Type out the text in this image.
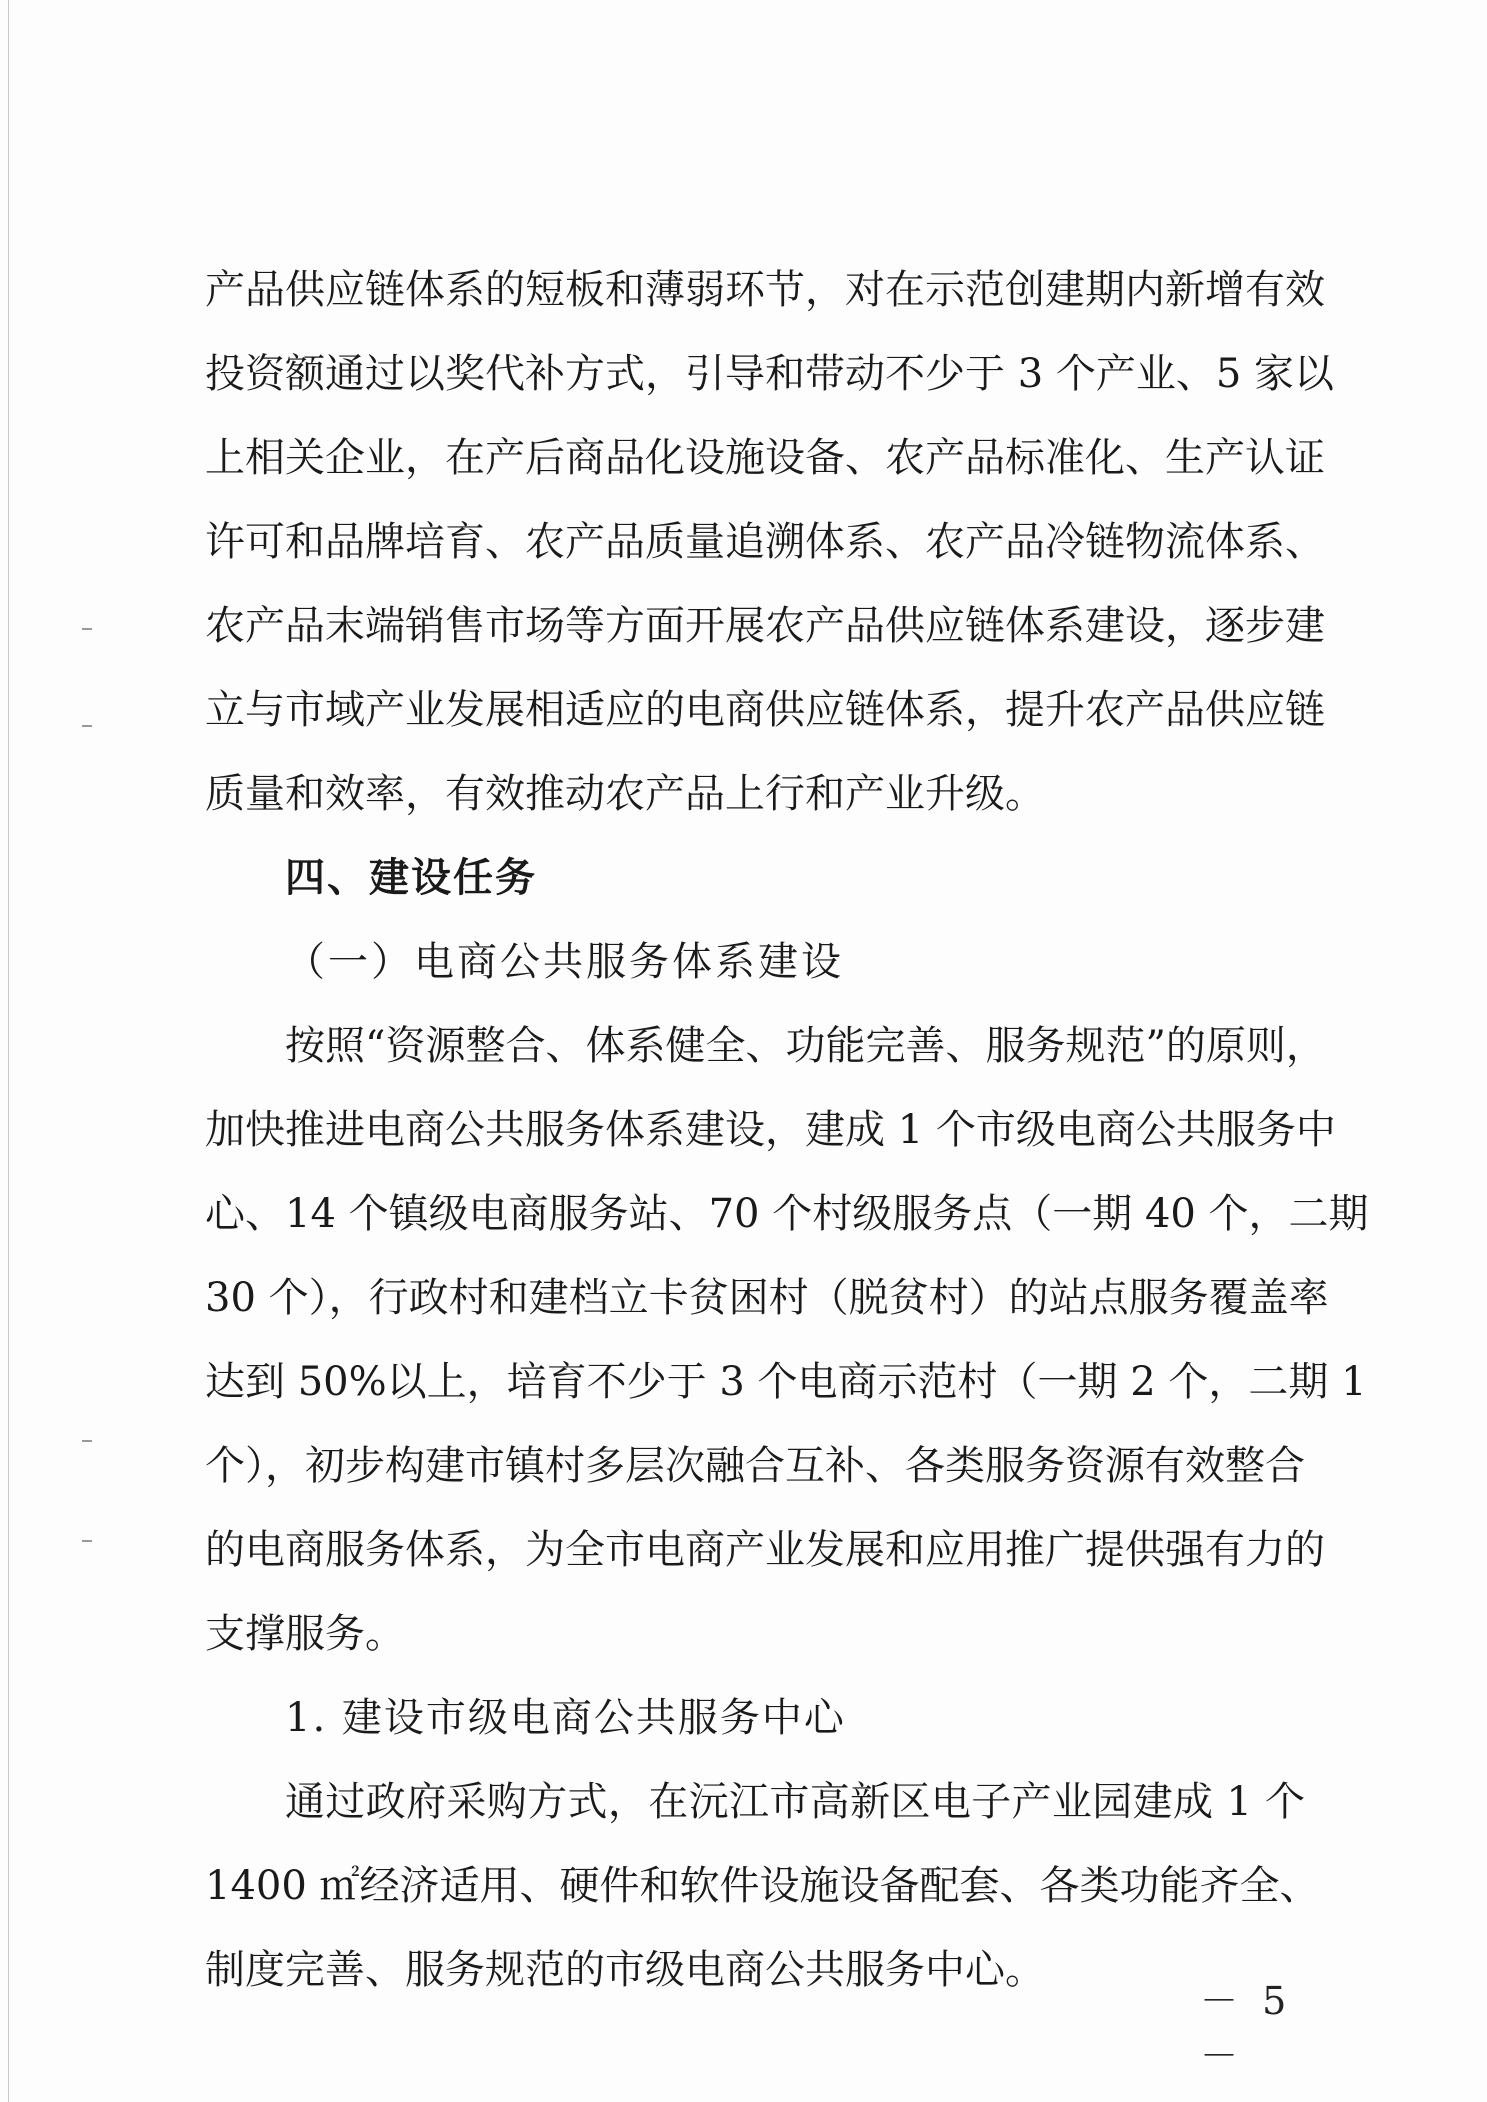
产品供应链体系的短板和薄弱环节，对在示范创建期内新增有效
投资额通过以奖代补方式，引导和带动不少于 3 个产业、5 家以
上相关企业，在产后商品化设施设备、农产品标准化、生产认证
许可和品牌培育、农产品质量追溯体系、农产品冷链物流体系、
农产品末端销售市场等方面开展农产品供应链体系建设，逐步建
立与市域产业发展相适应的电商供应链体系，提升农产品供应链
质量和效率，有效推动农产品上行和产业升级。
四、建设任务
（一）电商公共服务体系建设
按照“资源整合、体系健全、功能完善、服务规范”的原则，
加快推进电商公共服务体系建设，建成 1 个市级电商公共服务中
心、14 个镇级电商服务站、70 个村级服务点（一期 40 个，二期
30 个），行政村和建档立卡贫困村（脱贫村）的站点服务覆盖率
达到 50%以上，培育不少于 3 个电商示范村（一期 2 个，二期 1
个），初步构建市镇村多层次融合互补、各类服务资源有效整合
的电商服务体系，为全市电商产业发展和应用推广提供强有力的
支撑服务。
1. 建设市级电商公共服务中心
通过政府采购方式，在沅江市高新区电子产业园建成 1 个
1400 ㎡经济适用、硬件和软件设施设备配套、各类功能齐全、
制度完善、服务规范的市级电商公共服务中心。
－ 5 －
